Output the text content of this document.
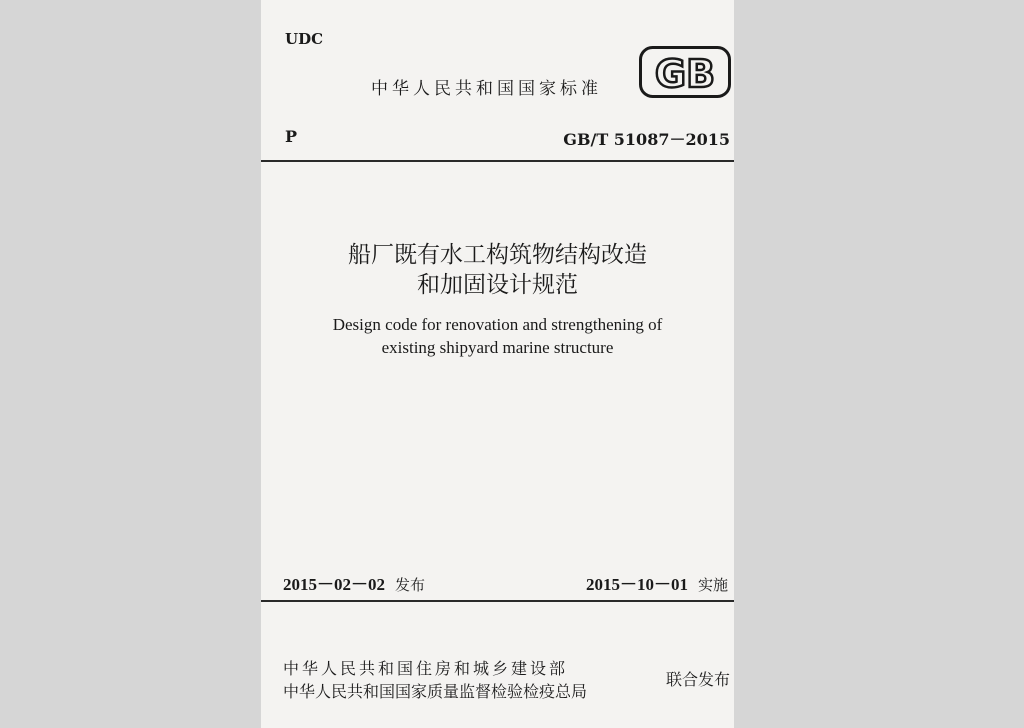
UDC
中华人民共和国国家标准 GB
P	GB/T 51087－2015
船厂既有水工构筑物结构改造
和加固设计规范
Design code for renovation and strengthening of
existing shipyard marine structure
2015－02－02 发布	2015－10－01 实施
中华人民共和国住房和城乡建设部
中华人民共和国国家质量监督检验检疫总局
联合发布
